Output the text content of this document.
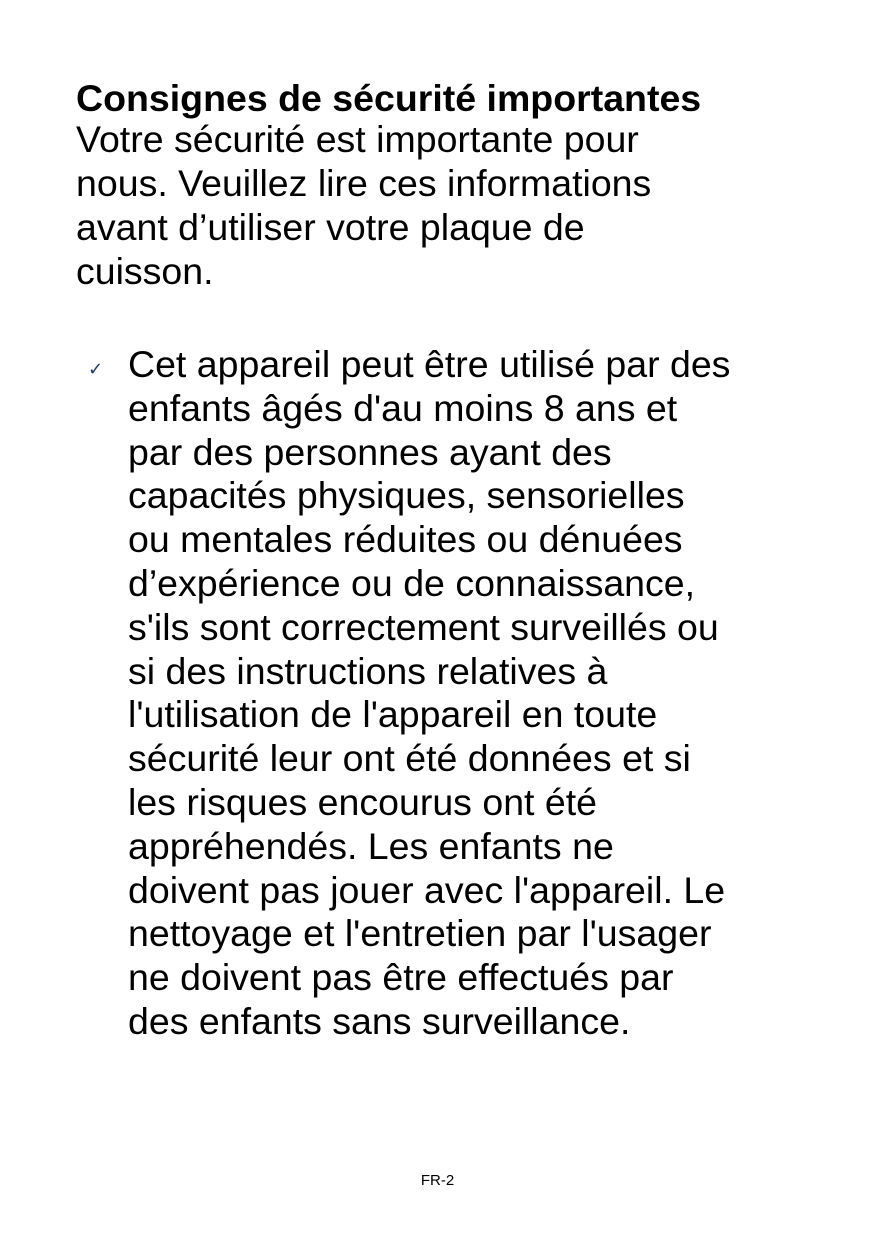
Consignes de sécurité importantes

Votre sécurité est importante pour
nous. Veuillez lire ces informations
avant d’utiliser votre plaque de
cuisson.

✓ Cet appareil peut être utilisé par des
enfants âgés d'au moins 8 ans et
par des personnes ayant des
capacités physiques, sensorielles
ou mentales réduites ou dénuées
d’expérience ou de connaissance,
s'ils sont correctement surveillés ou
si des instructions relatives à
l'utilisation de l'appareil en toute
sécurité leur ont été données et si
les risques encourus ont été
appréhendés. Les enfants ne
doivent pas jouer avec l'appareil. Le
nettoyage et l'entretien par l'usager
ne doivent pas être effectués par
des enfants sans surveillance.

FR-2
